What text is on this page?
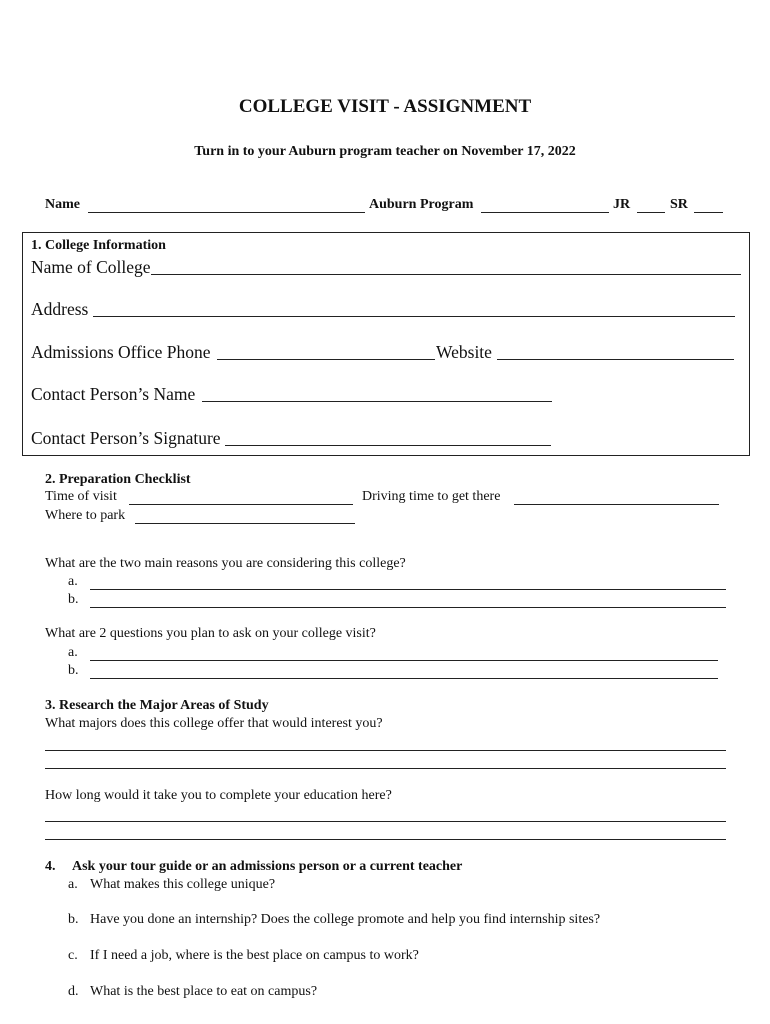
COLLEGE VISIT - ASSIGNMENT
Turn in to your Auburn program teacher on November 17, 2022
Name	Auburn Program	JR	SR
1. College Information
Name of College
Address
Admissions Office Phone	Website
Contact Person’s Name
Contact Person’s Signature
2. Preparation Checklist
Time of visit	Driving time to get there
Where to park
What are the two main reasons you are considering this college?
a.
b.
What are 2 questions you plan to ask on your college visit?
a.
b.
3. Research the Major Areas of Study
What majors does this college offer that would interest you?
How long would it take you to complete your education here?
4. Ask your tour guide or an admissions person or a current teacher
a. What makes this college unique?
b. Have you done an internship? Does the college promote and help you find internship sites?
c. If I need a job, where is the best place on campus to work?
d. What is the best place to eat on campus?
